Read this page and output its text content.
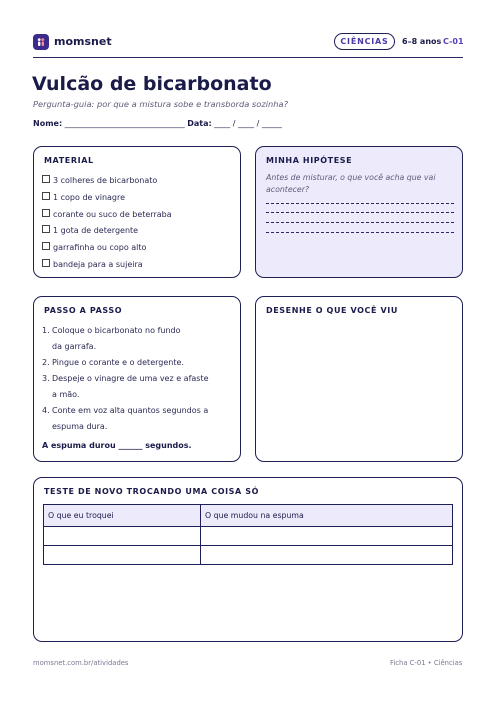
momsnet	CIÊNCIAS	6–8 anos C-01
Vulcão de bicarbonato
Pergunta-guia: por que a mistura sobe e transborda sozinha?
Nome: ______________________________ Data: ____ / ____ / _____
MATERIAL
3 colheres de bicarbonato
1 copo de vinagre
corante ou suco de beterraba
1 gota de detergente
garrafinha ou copo alto
bandeja para a sujeira
MINHA HIPÓTESE
Antes de misturar, o que você acha que vai acontecer?
PASSO A PASSO
1. Coloque o bicarbonato no fundo
da garrafa.
2. Pingue o corante e o detergente.
3. Despeje o vinagre de uma vez e afaste
a mão.
4. Conte em voz alta quantos segundos a
espuma dura.
A espuma durou ______ segundos.
DESENHE O QUE VOCÊ VIU
TESTE DE NOVO TROCANDO UMA COISA SÓ
O que eu troquei	O que mudou na espuma

momsnet.com.br/atividades	Ficha C-01 • Ciências
